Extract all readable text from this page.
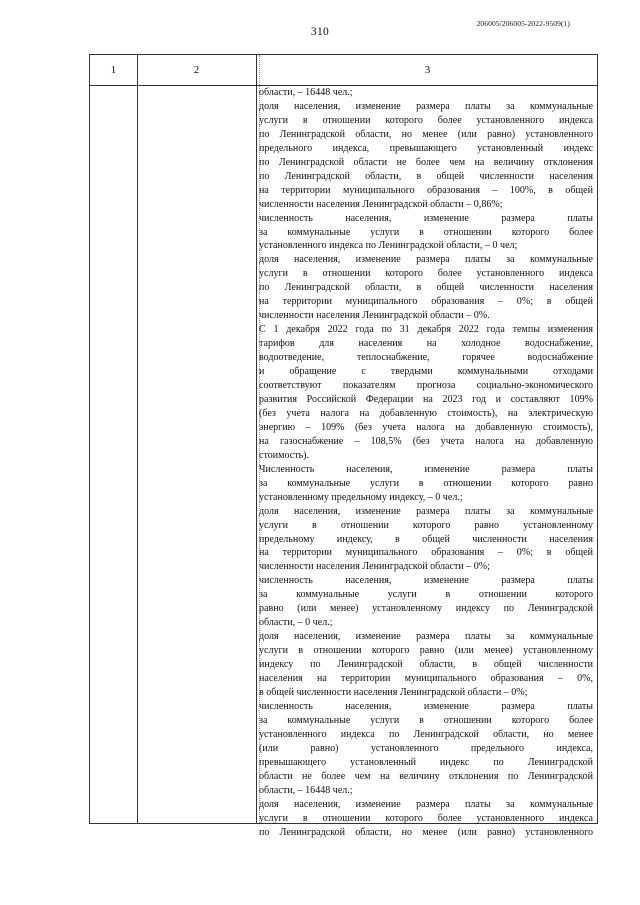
310
206005/206005-2022-9509(1)
1	2	3
области, – 16448 чел.;
доля населения, изменение размера платы за коммунальные
услуги в отношении которого более установленного индекса
по Ленинградской области, но менее (или равно) установленного
предельного индекса, превышающего установленный индекс
по Ленинградской области не более чем на величину отклонения
по Ленинградской области, в общей численности населения
на территории муниципального образования – 100%, в общей
численности населения Ленинградской области – 0,86%;
численность населения, изменение размера платы
за коммунальные услуги в отношении которого более
установленного индекса по Ленинградской области, – 0 чел;
доля населения, изменение размера платы за коммунальные
услуги в отношении которого более установленного индекса
по Ленинградской области, в общей численности населения
на территории муниципального образования – 0%; в общей
численности населения Ленинградской области – 0%.
С 1 декабря 2022 года по 31 декабря 2022 года темпы изменения
тарифов для населения на холодное водоснабжение,
водоотведение, теплоснабжение, горячее водоснабжение
и обращение с твердыми коммунальными отходами
соответствуют показателям прогноза социально-экономического
развития Российской Федерации на 2023 год и составляют 109%
(без учета налога на добавленную стоимость), на электрическую
энергию – 109% (без учета налога на добавленную стоимость),
на газоснабжение – 108,5% (без учета налога на добавленную
стоимость).
Численность населения, изменение размера платы
за коммунальные услуги в отношении которого равно
установленному предельному индексу, – 0 чел.;
доля населения, изменение размера платы за коммунальные
услуги в отношении которого равно установленному
предельному индексу, в общей численности населения
на территории муниципального образования – 0%; в общей
численности населения Ленинградской области – 0%;
численность населения, изменение размера платы
за коммунальные услуги в отношении которого
равно (или менее) установленному индексу по Ленинградской
области, – 0 чел.;
доля населения, изменение размера платы за коммунальные
услуги в отношении которого равно (или менее) установленному
индексу по Ленинградской области, в общей численности
населения на территории муниципального образования – 0%,
в общей численности населения Ленинградской области – 0%;
численность населения, изменение размера платы
за коммунальные услуги в отношении которого более
установленного индекса по Ленинградской области, но менее
(или равно) установленного предельного индекса,
превышающего установленный индекс по Ленинградской
области не более чем на величину отклонения по Ленинградской
области, – 16448 чел.;
доля населения, изменение размера платы за коммунальные
услуги в отношении которого более установленного индекса
по Ленинградской области, но менее (или равно) установленного
